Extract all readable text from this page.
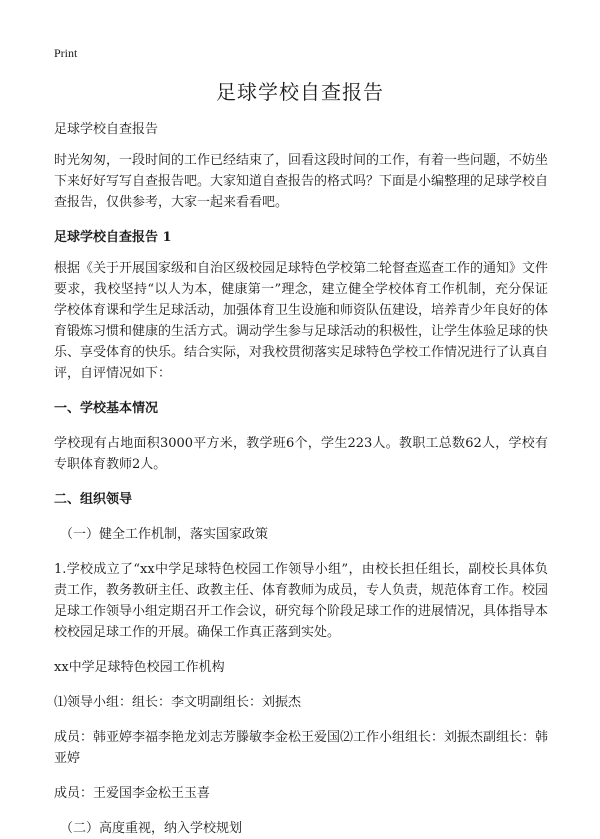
Print
足球学校自查报告

足球学校自查报告

时光匆匆，一段时间的工作已经结束了，回看这段时间的工作，有着一些问题，不妨坐下来好好写写自查报告吧。大家知道自查报告的格式吗？下面是小编整理的足球学校自查报告，仅供参考，大家一起来看看吧。

足球学校自查报告 1

根据《关于开展国家级和自治区级校园足球特色学校第二轮督查巡查工作的通知》文件要求，我校坚持“以人为本，健康第一”理念，建立健全学校体育工作机制，充分保证学校体育课和学生足球活动，加强体育卫生设施和师资队伍建设，培养青少年良好的体育锻炼习惯和健康的生活方式。调动学生参与足球活动的积极性，让学生体验足球的快乐、享受体育的快乐。结合实际，对我校贯彻落实足球特色学校工作情况进行了认真自评，自评情况如下：

一、学校基本情况

学校现有占地面积3000平方米，教学班6个，学生223人。教职工总数62人，学校有专职体育教师2人。

二、组织领导

（一）健全工作机制，落实国家政策

1.学校成立了“xx中学足球特色校园工作领导小组”，由校长担任组长，副校长具体负责工作，教务教研主任、政教主任、体育教师为成员，专人负责，规范体育工作。校园足球工作领导小组定期召开工作会议，研究每个阶段足球工作的进展情况，具体指导本校校园足球工作的开展。确保工作真正落到实处。

xx中学足球特色校园工作机构

⑴领导小组：组长：李文明副组长：刘振杰

成员：韩亚婷李福李艳龙刘志芳滕敏李金松王爱国⑵工作小组组长：刘振杰副组长：韩亚婷

成员：王爱国李金松王玉喜

（二）高度重视，纳入学校规划
